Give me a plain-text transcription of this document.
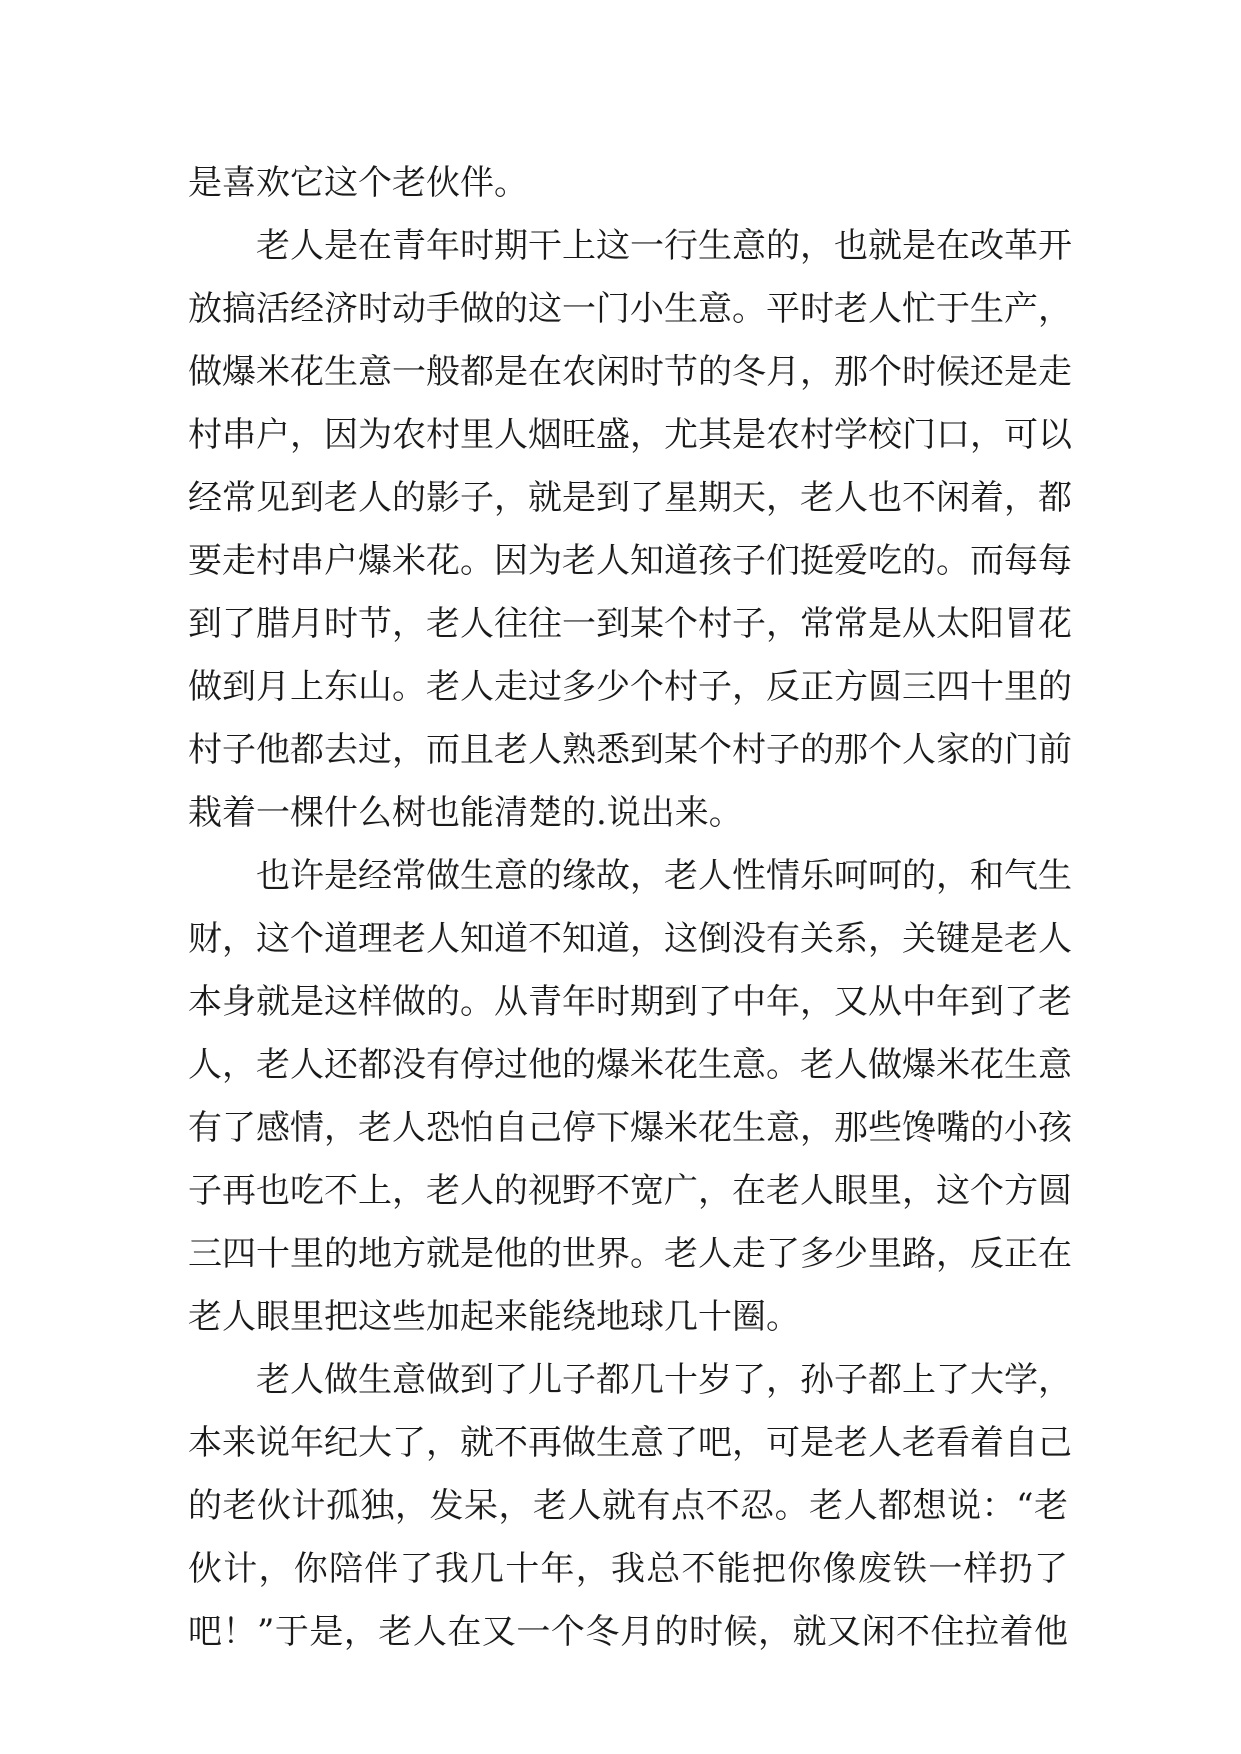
是喜欢它这个老伙伴。
老人是在青年时期干上这一行生意的，也就是在改革开
放搞活经济时动手做的这一门小生意。平时老人忙于生产，
做爆米花生意一般都是在农闲时节的冬月，那个时候还是走
村串户，因为农村里人烟旺盛，尤其是农村学校门口，可以
经常见到老人的影子，就是到了星期天，老人也不闲着，都
要走村串户爆米花。因为老人知道孩子们挺爱吃的。而每每
到了腊月时节，老人往往一到某个村子，常常是从太阳冒花
做到月上东山。老人走过多少个村子，反正方圆三四十里的
村子他都去过，而且老人熟悉到某个村子的那个人家的门前
栽着一棵什么树也能清楚的.说出来。
也许是经常做生意的缘故，老人性情乐呵呵的，和气生
财，这个道理老人知道不知道，这倒没有关系，关键是老人
本身就是这样做的。从青年时期到了中年，又从中年到了老
人，老人还都没有停过他的爆米花生意。老人做爆米花生意
有了感情，老人恐怕自己停下爆米花生意，那些馋嘴的小孩
子再也吃不上，老人的视野不宽广，在老人眼里，这个方圆
三四十里的地方就是他的世界。老人走了多少里路，反正在
老人眼里把这些加起来能绕地球几十圈。
老人做生意做到了儿子都几十岁了，孙子都上了大学，
本来说年纪大了，就不再做生意了吧，可是老人老看着自己
的老伙计孤独，发呆，老人就有点不忍。老人都想说：“老
伙计，你陪伴了我几十年，我总不能把你像废铁一样扔了
吧！”于是，老人在又一个冬月的时候，就又闲不住拉着他
